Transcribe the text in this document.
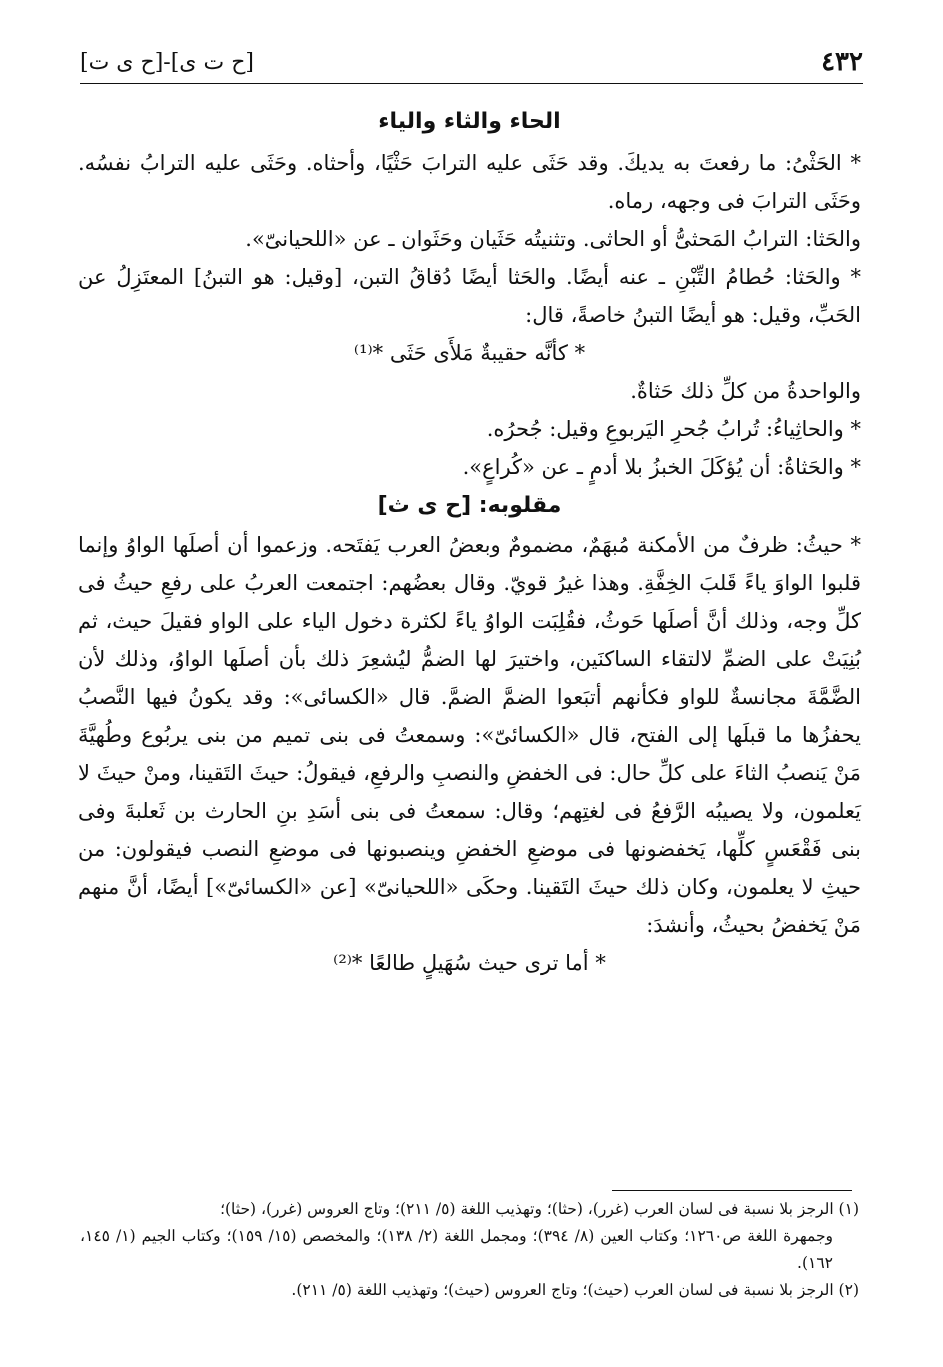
٤٣٢
[ح ت ى]-[ح ى ت]

الحاء والثاء والياء

* الحَثْىُ: ما رفعتَ به يديكَ. وقد حَثَى عليه الترابَ حَثْيًا، وأحثاه. وحَثَى عليه الترابُ نفسُه. وحَثَى الترابَ فى وجهه، رماه.

والحَثا: الترابُ المَحثىُّ أو الحاثى. وتثنيتُه حَثَيان وحَثَوان ـ عن «اللحيانىّ».

* والحَثا: حُطامُ التِّبْنِ ـ عنه أيضًا. والحَثا أيضًا دُقاقُ التبن، [وقيل: هو التبنُ] المعتَزِلُ عن الحَبِّ، وقيل: هو أيضًا التبنُ خاصةً، قال:

* كأنَّه حقيبةٌ مَلأَى حَثَى *⁽¹⁾

والواحدةُ من كلِّ ذلك حَثاةٌ.

* والحاثِياءُ: تُرابُ جُحرِ اليَربوعِ وقيل: جُحرُه.

* والحَثاةُ: أن يُؤكَلَ الخبزُ بلا أدمٍ ـ عن «كُراعٍ».

مقلوبه: [ح ى ث]

* حيثُ: ظرفٌ من الأمكنة مُبهَمٌ، مضمومٌ وبعضُ العرب يَفتَحه. وزعموا أن أصلَها الواوُ وإنما قلبوا الواوَ ياءً قَلبَ الخِفَّةِ. وهذا غيرُ قويّ. وقال بعضُهم: اجتمعت العربُ على رفعِ حيثُ فى كلِّ وجه، وذلك أنَّ أصلَها حَوثُ، فقُلِبَت الواوُ ياءً لكثرة دخول الياء على الواو فقيلَ حيث، ثم بُنِيَتْ على الضمِّ لالتقاء الساكنَين، واختيرَ لها الضمُّ ليُشعِرَ ذلك بأن أصلَها الواوُ، وذلك لأن الضَّمَّةَ مجانسةٌ للواو فكأنهم أتبَعوا الضمَّ الضمَّ. قال «الكسائى»: وقد يكونُ فيها النَّصبُ يحفزُها ما قبلَها إلى الفتح، قال «الكسائىّ»: وسمعتُ فى بنى تميم من بنى يربُوع وطُهيَّةَ مَنْ يَنصبُ الثاءَ على كلِّ حال: فى الخفضِ والنصبِ والرفعِ، فيقولُ: حيثَ التَقينا، ومنْ حيثَ لا يَعلمون، ولا يصيبُه الرَّفعُ فى لغتِهم؛ وقال: سمعتُ فى بنى أسَدِ بنِ الحارث بن ثَعلبةَ وفى بنى فَقْعَسٍ كلِّها، يَخفضونها فى موضعِ الخفضِ وينصبونها فى موضعِ النصب فيقولون: من حيثِ لا يعلمون، وكان ذلك حيثَ التَقينا. وحكَى «اللحيانىّ» [عن «الكسائىّ»] أيضًا، أنَّ منهم مَنْ يَخفضُ بحيثُ، وأنشدَ:

* أما ترى حيث سُهَيلٍ طالعًا *⁽²⁾

(١) الرجز بلا نسبة فى لسان العرب (غرر)، (حثا)؛ وتهذيب اللغة (٥/ ٢١١)؛ وتاج العروس (غرر)، (حثا)؛
وجمهرة اللغة ص١٢٦٠؛ وكتاب العين (٨/ ٣٩٤)؛ ومجمل اللغة (٢/ ١٣٨)؛ والمخصص (١٥/ ١٥٩)؛ وكتاب الجيم (١/ ١٤٥، ١٦٢).

(٢) الرجز بلا نسبة فى لسان العرب (حيث)؛ وتاج العروس (حيث)؛ وتهذيب اللغة (٥/ ٢١١).
